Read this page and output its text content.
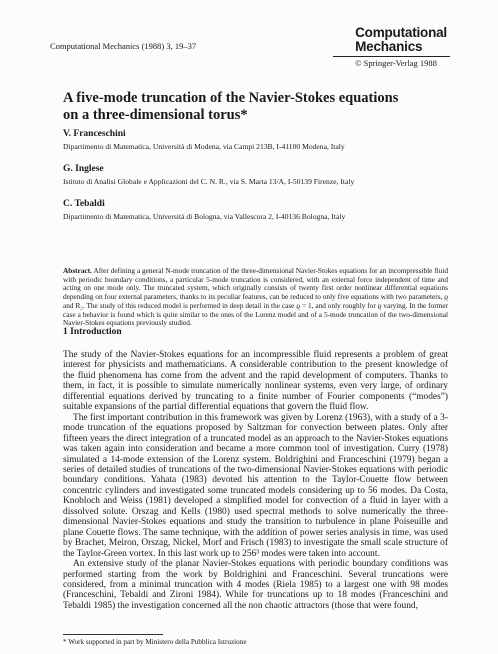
Computational Mechanics (1988) 3, 19–37
Computational
Mechanics
© Springer-Verlag 1988
A five-mode truncation of the Navier-Stokes equations
on a three-dimensional torus*
V. Franceschini
Dipartimento di Matematica, Università di Modena, via Campi 213B, I-41100 Modena, Italy
G. Inglese
Istituto di Analisi Globale e Applicazioni del C. N. R., via S. Marta 13/A, I-50139 Firenze, Italy
C. Tebaldi
Dipartimento di Matematica, Università di Bologna, via Vallescura 2, I-40136 Bologna, Italy
Abstract. After defining a general N-mode truncation of the three-dimensional Navier-Stokes equations for an incompressible fluid with periodic boundary conditions, a particular 5-mode truncation is considered, with an external force independent of time and acting on one mode only. The truncated system, which originally consists of twenty first order nonlinear differential equations depending on four external parameters, thanks to its peculiar features, can be reduced to only five equations with two parameters, ϱ and R₂. The study of this reduced model is performed in deep detail in the case ϱ = 1, and only roughly for ϱ varying. In the former case a behavior is found which is quite similar to the ones of the Lorenz model and of a 5-mode truncation of the two-dimensional Navier-Stokes equations previously studied.
1 Introduction

The study of the Navier-Stokes equations for an incompressible fluid represents a problem of great interest for physicists and mathematicians. A considerable contribution to the present knowledge of the fluid phenomena has come from the advent and the rapid development of computers. Thanks to them, in fact, it is possible to simulate numerically nonlinear systems, even very large, of ordinary differential equations derived by truncating to a finite number of Fourier components (“modes”) suitable expansions of the partial differential equations that govern the fluid flow.

The first important contribution in this framework was given by Lorenz (1963), with a study of a 3-mode truncation of the equations proposed by Saltzman for convection between plates. Only after fifteen years the direct integration of a truncated model as an approach to the Navier-Stokes equations was taken again into consideration and became a more common tool of investigation. Curry (1978) simulated a 14-mode extension of the Lorenz system. Boldrighini and Franceschini (1979) began a series of detailed studies of truncations of the two-dimensional Navier-Stokes equations with periodic boundary conditions. Yahata (1983) devoted his attention to the Taylor-Couette flow between concentric cylinders and investigated some truncated models considering up to 56 modes. Da Costa, Knobloch and Weiss (1981) developed a simplified model for convection of a fluid in layer with a dissolved solute. Orszag and Kells (1980) used spectral methods to solve numerically the three-dimensional Navier-Stokes equations and study the transition to turbulence in plane Poiseuille and plane Couette flows. The same technique, with the addition of power series analysis in time, was used by Brachet, Meiron, Orszag, Nickel, Morf and Frisch (1983) to investigate the small scale structure of the Taylor-Green vortex. In this last work up to 256³ modes were taken into account.

An extensive study of the planar Navier-Stokes equations with periodic boundary conditions was performed starting from the work by Boldrighini and Franceschini. Several truncations were considered, from a minimal truncation with 4 modes (Riela 1985) to a largest one with 98 modes (Franceschini, Tebaldi and Zironi 1984). While for truncations up to 18 modes (Franceschini and Tebaldi 1985) the investigation concerned all the non chaotic attractors (those that were found,

* Work supported in part by Ministero della Pubblica Istruzione
